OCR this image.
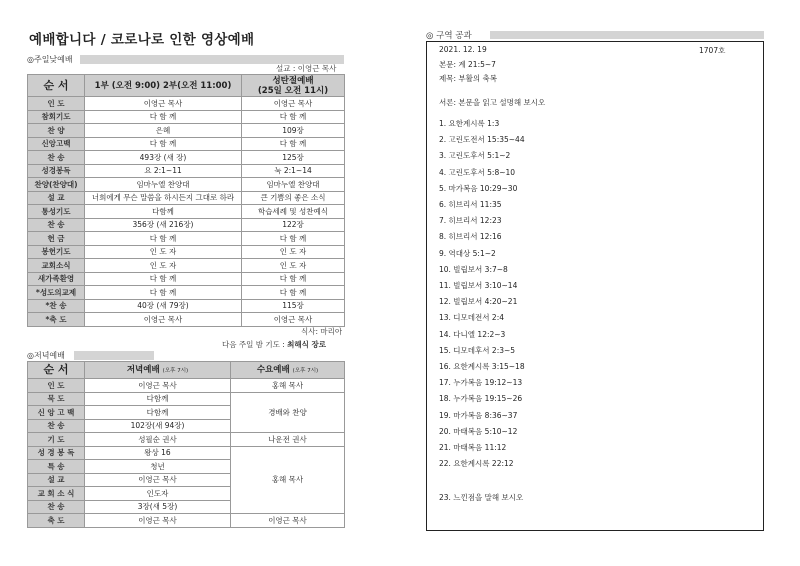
예배합니다 / 코로나로 인한 영상예배
◎주일낮예배
설교 : 이영근 목사
순 서	1부 (오전 9:00) 2부(오전 11:00)	성탄절예배
(25일 오전 11시)
인 도	이영근 목사	이영근 목사
참회기도	다 함 께	다 함 께
찬 양	은혜	109장
신앙고백	다 함 께	다 함 께
찬 송	493장 (새 장)	125장
성경봉독	요 2:1~11	눅 2:1~14
찬양(찬양대)	임마누엘 찬양대	임마누엘 찬양대
설 교	너희에게 무슨 말씀을 하시든지 그대로 하라	큰 기쁨의 좋은 소식
통성기도	다함께	학습세례 및 성찬예식
찬 송	356장 (새 216장)	122장
헌 금	다 함 께	다 함 께
봉헌기도	인 도 자	인 도 자
교회소식	인 도 자	인 도 자
새가족환영	다 함 께	다 함 께
*성도의교제	다 함 께	다 함 께
*찬 송	40장 (새 79장)	115장
*축 도	이영근 목사	이영근 목사
식사: 마리아
다음 주일 밤 기도 : 최해식 장로
◎저녁예배
순 서	저녁예배 (오후 7시)	수요예배 (오후 7시)
인 도	이영근 목사	홍해 목사
묵 도	다함께	경배와 찬양
신 앙 고 백	다함께	
찬 송	102장(새 94장)	
기 도	성필순 권사	나운전 권사
성 경 봉 독	왕상 16	홍해 목사
특 송	청년	
설 교	이영근 목사	
교 회 소 식	인도자	
찬 송	3장(새 5장)	
축 도	이영근 목사	이영근 목사
◎ 구역 공과
2021. 12. 19	1707호
본문: 계 21:5~7
제목: 부활의 축복
서론: 본문을 읽고 설명해 보시오
1. 요한계시록 1:3
2. 고린도전서 15:35~44
3. 고린도후서 5:1~2
4. 고린도후서 5:8~10
5. 마가복음 10:29~30
6. 히브리서 11:35
7. 히브리서 12:23
8. 히브리서 12:16
9. 역대상 5:1~2
10. 빌립보서 3:7~8
11. 빌립보서 3:10~14
12. 빌립보서 4:20~21
13. 디모데전서 2:4
14. 다니엘 12:2~3
15. 디모데후서 2:3~5
16. 요한계시록 3:15~18
17. 누가복음 19:12~13
18. 누가복음 19:15~26
19. 마가복음 8:36~37
20. 마태복음 5:10~12
21. 마태복음 11:12
22. 요한계시록 22:12
23. 느낀점을 말해 보시오
